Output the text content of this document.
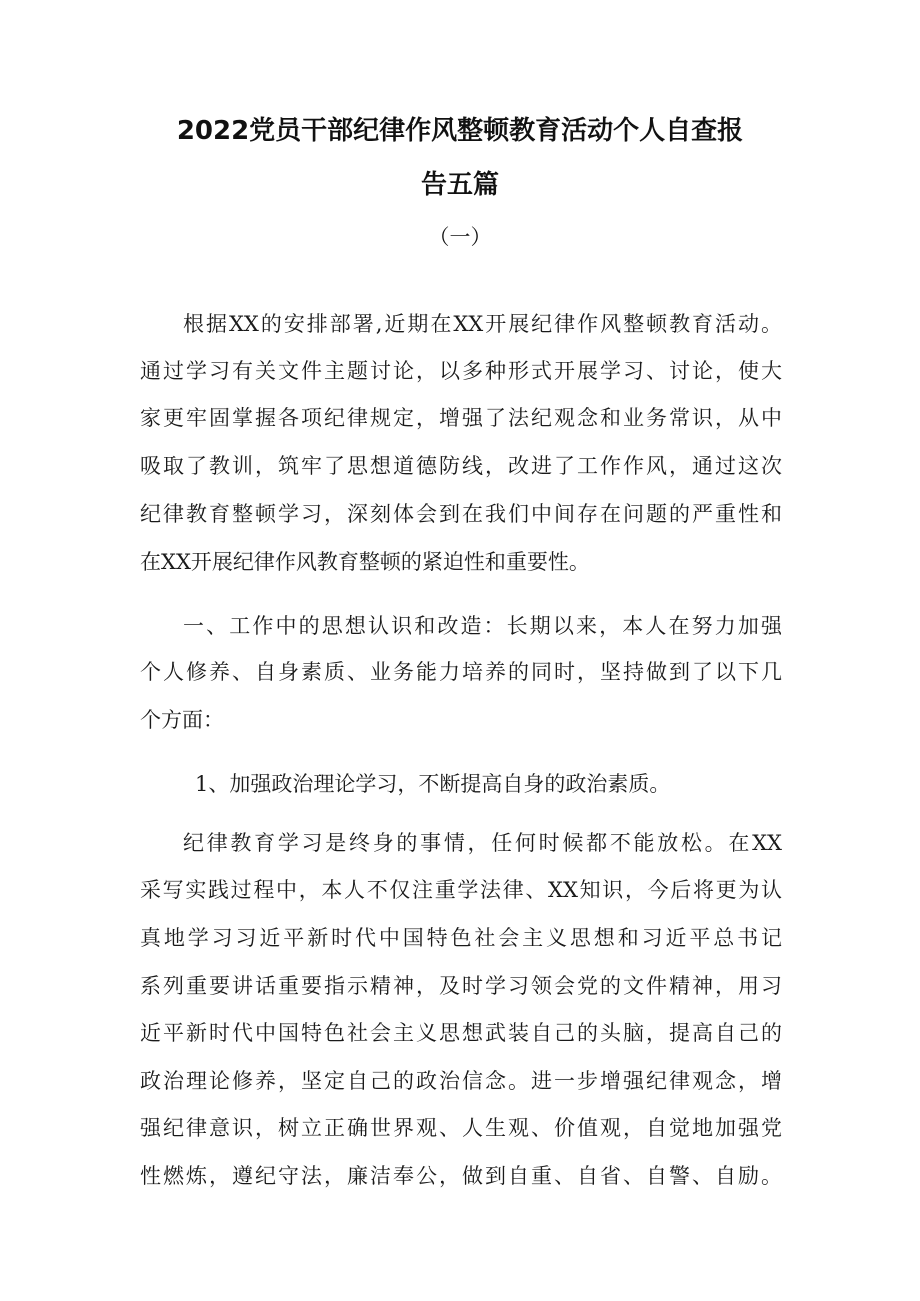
2022党员干部纪律作风整顿教育活动个人自查报
告五篇
（一）
根据XX的安排部署,近期在XX开展纪律作风整顿教育活动。
通过学习有关文件主题讨论，以多种形式开展学习、讨论，使大
家更牢固掌握各项纪律规定，增强了法纪观念和业务常识，从中
吸取了教训，筑牢了思想道德防线，改进了工作作风，通过这次
纪律教育整顿学习，深刻体会到在我们中间存在问题的严重性和
在XX开展纪律作风教育整顿的紧迫性和重要性。
一、工作中的思想认识和改造：长期以来，本人在努力加强
个人修养、自身素质、业务能力培养的同时，坚持做到了以下几
个方面：
1、加强政治理论学习，不断提高自身的政治素质。
纪律教育学习是终身的事情，任何时候都不能放松。在XX
采写实践过程中，本人不仅注重学法律、XX知识，今后将更为认
真地学习习近平新时代中国特色社会主义思想和习近平总书记
系列重要讲话重要指示精神，及时学习领会党的文件精神，用习
近平新时代中国特色社会主义思想武装自己的头脑，提高自己的
政治理论修养，坚定自己的政治信念。进一步增强纪律观念，增
强纪律意识，树立正确世界观、人生观、价值观，自觉地加强党
性燃炼，遵纪守法，廉洁奉公，做到自重、自省、自警、自励。
